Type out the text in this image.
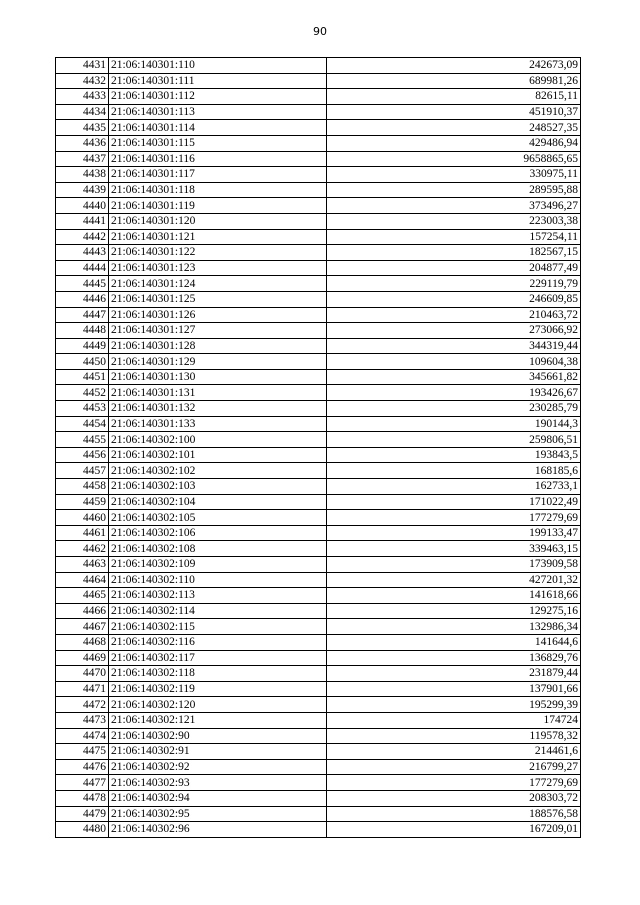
90
4431	21:06:140301:110	242673,09
4432	21:06:140301:111	689981,26
4433	21:06:140301:112	82615,11
4434	21:06:140301:113	451910,37
4435	21:06:140301:114	248527,35
4436	21:06:140301:115	429486,94
4437	21:06:140301:116	9658865,65
4438	21:06:140301:117	330975,11
4439	21:06:140301:118	289595,88
4440	21:06:140301:119	373496,27
4441	21:06:140301:120	223003,38
4442	21:06:140301:121	157254,11
4443	21:06:140301:122	182567,15
4444	21:06:140301:123	204877,49
4445	21:06:140301:124	229119,79
4446	21:06:140301:125	246609,85
4447	21:06:140301:126	210463,72
4448	21:06:140301:127	273066,92
4449	21:06:140301:128	344319,44
4450	21:06:140301:129	109604,38
4451	21:06:140301:130	345661,82
4452	21:06:140301:131	193426,67
4453	21:06:140301:132	230285,79
4454	21:06:140301:133	190144,3
4455	21:06:140302:100	259806,51
4456	21:06:140302:101	193843,5
4457	21:06:140302:102	168185,6
4458	21:06:140302:103	162733,1
4459	21:06:140302:104	171022,49
4460	21:06:140302:105	177279,69
4461	21:06:140302:106	199133,47
4462	21:06:140302:108	339463,15
4463	21:06:140302:109	173909,58
4464	21:06:140302:110	427201,32
4465	21:06:140302:113	141618,66
4466	21:06:140302:114	129275,16
4467	21:06:140302:115	132986,34
4468	21:06:140302:116	141644,6
4469	21:06:140302:117	136829,76
4470	21:06:140302:118	231879,44
4471	21:06:140302:119	137901,66
4472	21:06:140302:120	195299,39
4473	21:06:140302:121	174724
4474	21:06:140302:90	119578,32
4475	21:06:140302:91	214461,6
4476	21:06:140302:92	216799,27
4477	21:06:140302:93	177279,69
4478	21:06:140302:94	208303,72
4479	21:06:140302:95	188576,58
4480	21:06:140302:96	167209,01
